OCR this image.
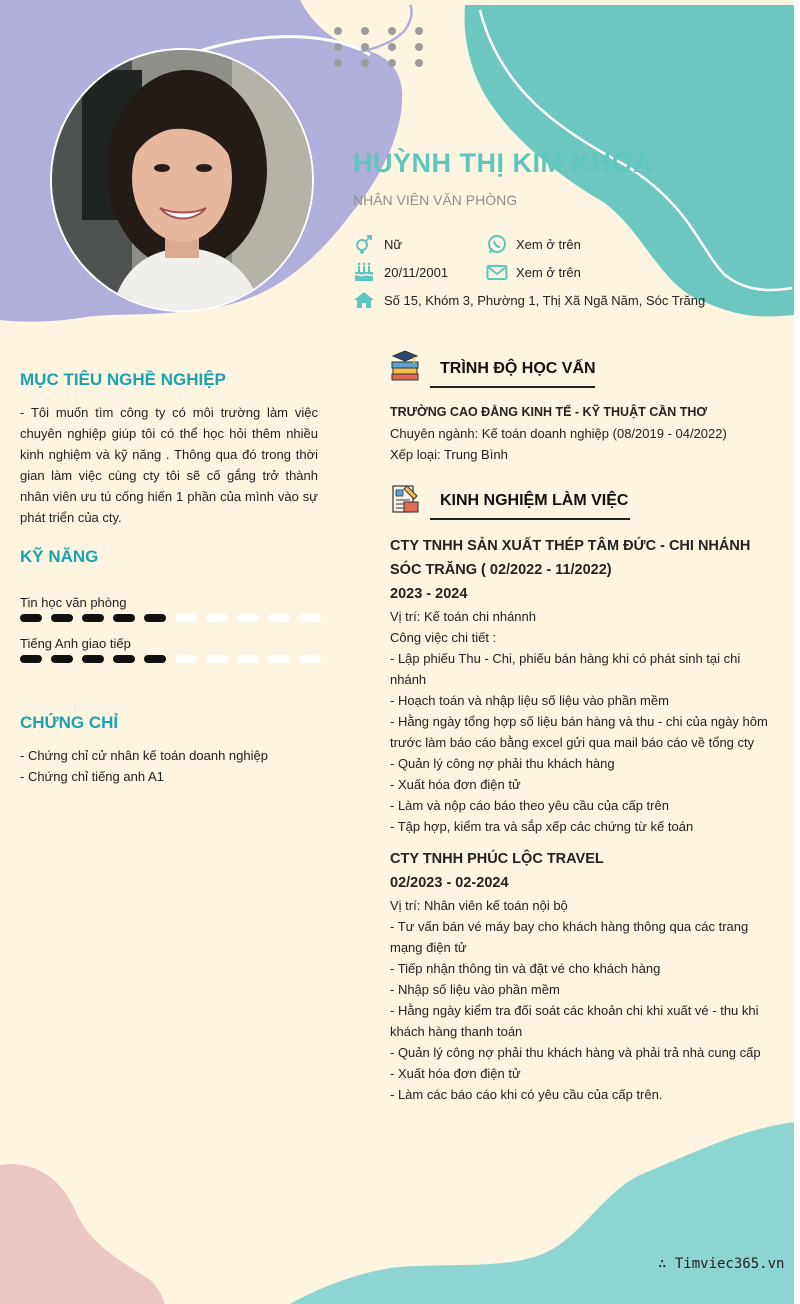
HUỲNH THỊ KIM KHOA
NHÂN VIÊN VĂN PHÒNG
Nữ	Xem ở trên
20/11/2001	Xem ở trên
Số 15, Khóm 3, Phường 1, Thị Xã Ngã Năm, Sóc Trăng
MỤC TIÊU NGHỀ NGHIỆP
- Tôi muốn tìm công ty có môi trường làm việc chuyên nghiệp giúp tôi có thể học hỏi thêm nhiều kinh nghiệm và kỹ năng . Thông qua đó trong thời gian làm việc cùng cty tôi sẽ cố gắng trở thành nhân viên ưu tú cống hiến 1 phần của mình vào sự phát triển của cty.
KỸ NĂNG
Tin học văn phòng
Tiếng Anh giao tiếp
CHỨNG CHỈ
- Chứng chỉ cử nhân kế toán doanh nghiệp
- Chứng chỉ tiếng anh A1
TRÌNH ĐỘ HỌC VẤN
TRƯỜNG CAO ĐẲNG KINH TẾ - KỸ THUẬT CẦN THƠ
Chuyên ngành: Kế toán doanh nghiệp (08/2019 - 04/2022)
Xếp loại: Trung Bình
KINH NGHIỆM LÀM VIỆC
CTY TNHH SẢN XUẤT THÉP TÂM ĐỨC - CHI NHÁNH SÓC TRĂNG ( 02/2022 - 11/2022)
2023 - 2024
Vị trí: Kế toán chi nhánnh
Công việc chi tiết :
- Lập phiếu Thu - Chi, phiếu bán hàng khi có phát sinh tại chi nhánh
- Hoạch toán và nhập liệu số liệu vào phần mềm
- Hằng ngày tổng hợp số liệu bán hàng và thu - chi của ngày hôm trước làm báo cáo bằng excel gửi qua mail báo cáo về tổng cty
- Quản lý công nợ phải thu khách hàng
- Xuất hóa đơn điện tử
- Làm và nộp cáo báo theo yêu cầu của cấp trên
- Tập hợp, kiểm tra và sắp xếp các chứng từ kế toán
CTY TNHH PHÚC LỘC TRAVEL
02/2023 - 02-2024
Vị trí: Nhân viên kế toán nội bộ
- Tư vấn bán vé máy bay cho khách hàng thông qua các trang mạng điện tử
- Tiếp nhận thông tin và đặt vé cho khách hàng
- Nhập số liệu vào phần mềm
- Hằng ngày kiểm tra đối soát các khoản chi khi xuất vé - thu khi khách hàng thanh toán
- Quản lý công nợ phải thu khách hàng và phải trả nhà cung cấp
- Xuất hóa đơn điện tử
- Làm các báo cáo khi có yêu cầu của cấp trên.
∴ Timviec365.vn
